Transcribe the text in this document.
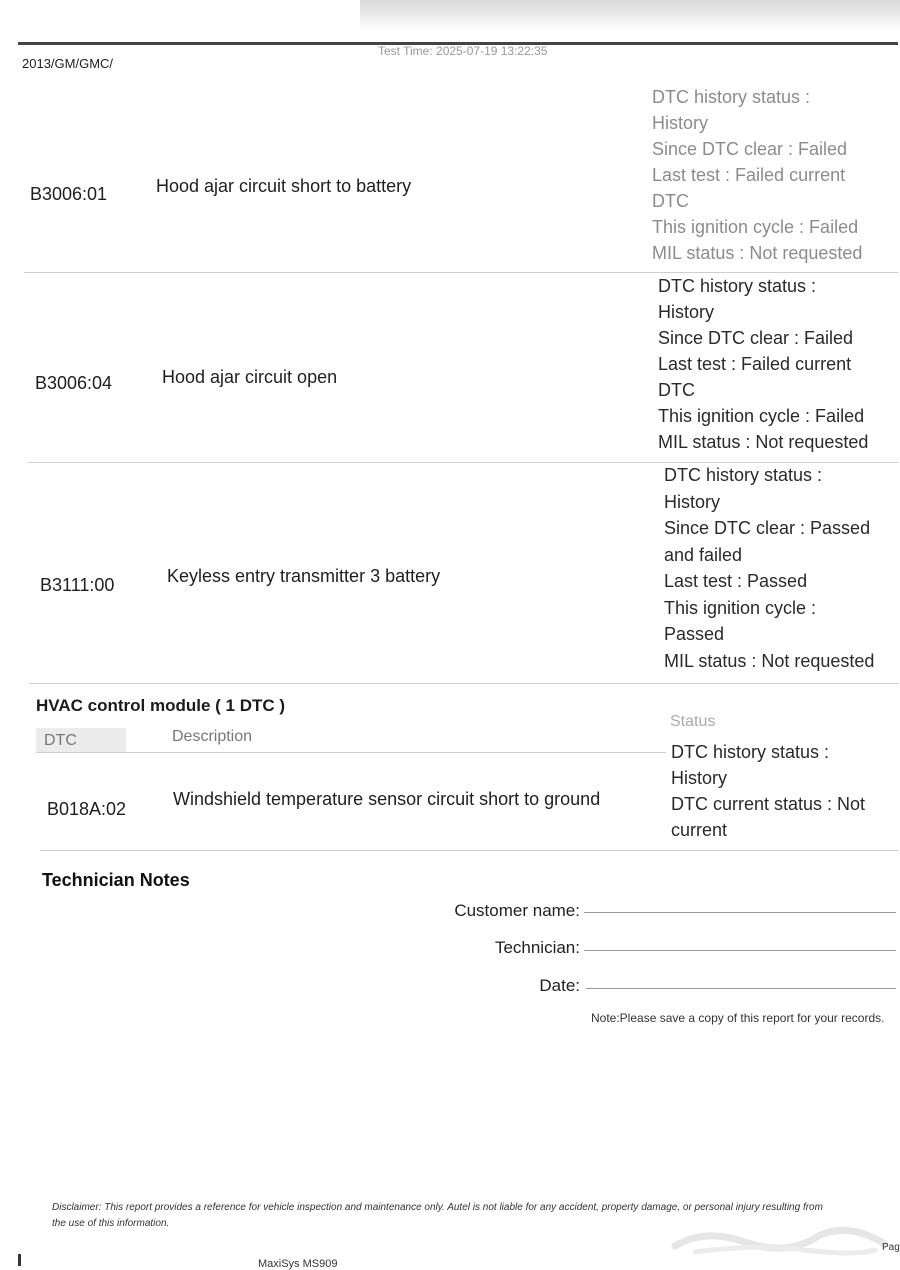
2013/GM/GMC/
Test Time: 2025-07-19 13:22:35
B3006:01	Hood ajar circuit short to battery
DTC history status :
History
Since DTC clear : Failed
Last test : Failed current
DTC
This ignition cycle : Failed
MIL status : Not requested
B3006:04	Hood ajar circuit open
DTC history status :
History
Since DTC clear : Failed
Last test : Failed current
DTC
This ignition cycle : Failed
MIL status : Not requested
B3111:00	Keyless entry transmitter 3 battery
DTC history status :
History
Since DTC clear : Passed
and failed
Last test : Passed
This ignition cycle :
Passed
MIL status : Not requested
HVAC control module ( 1 DTC )
DTC	Description
Status
B018A:02	Windshield temperature sensor circuit short to ground
DTC history status :
History
DTC current status : Not
current
Technician Notes
Customer name:
Technician:
Date:
Note:Please save a copy of this report for your records.
Disclaimer: This report provides a reference for vehicle inspection and maintenance only. Autel is not liable for any accident, property damage, or personal injury resulting from the use of this information.
Pag
MaxiSys MS909
